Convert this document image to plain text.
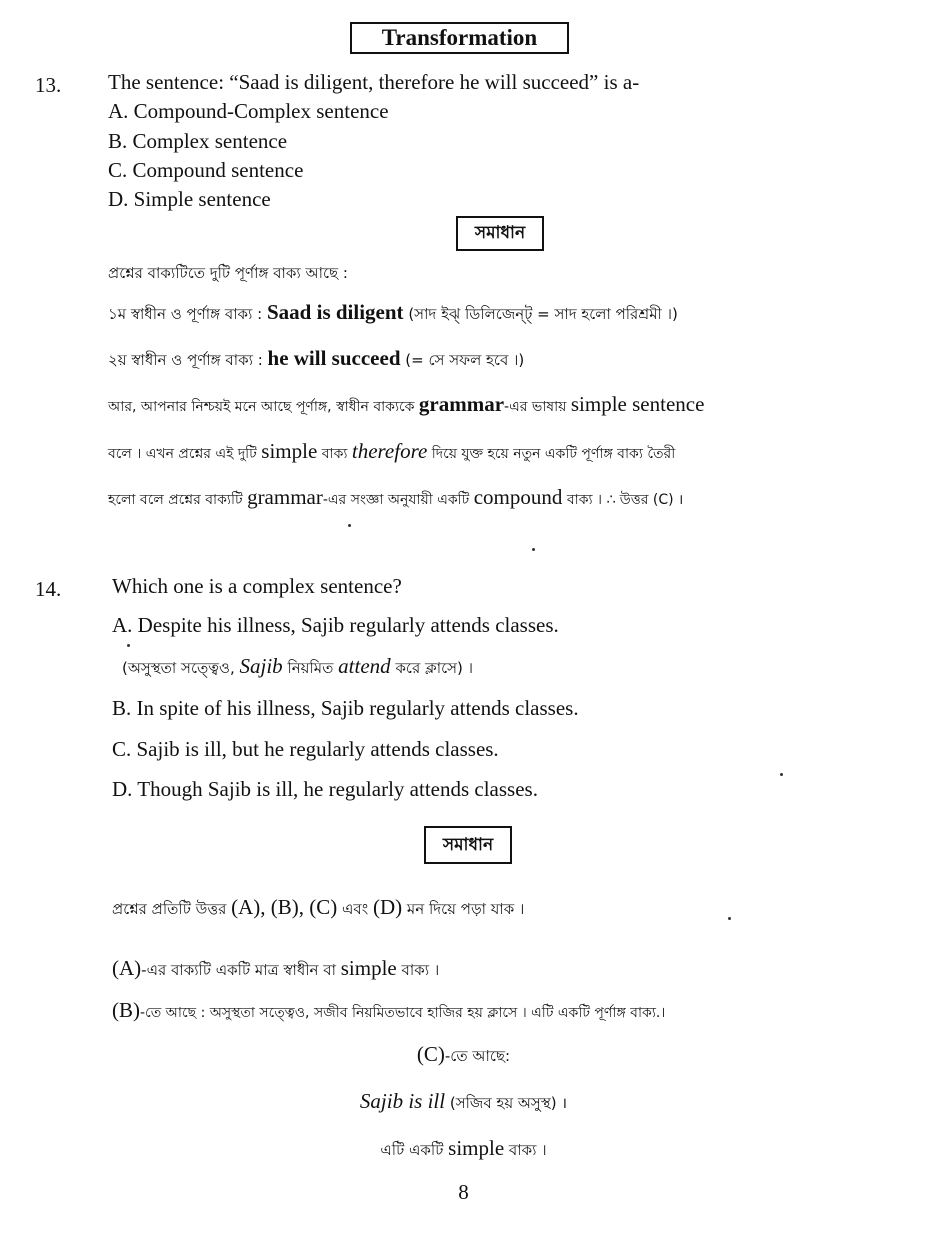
Transformation
13. The sentence: “Saad is diligent, therefore he will succeed” is a-
A. Compound-Complex sentence
B. Complex sentence
C. Compound sentence
D. Simple sentence
সমাধান
প্রশ্নের বাক্যটিতে দুটি পূর্ণাঙ্গ বাক্য আছে :
১ম স্বাধীন ও পূর্ণাঙ্গ বাক্য : Saad is diligent (সাদ ইঝ্ ডিলিজেন্ট্ = সাদ হলো পরিশ্রমী ।)
২য় স্বাধীন ও পূর্ণাঙ্গ বাক্য : he will succeed (= সে সফল হবে ।)
আর, আপনার নিশ্চয়ই মনে আছে পূর্ণাঙ্গ, স্বাধীন বাক্যকে grammar-এর ভাষায় simple sentence
বলে । এখন প্রশ্নের এই দুটি simple বাক্য therefore দিয়ে যুক্ত হয়ে নতুন একটি পূর্ণাঙ্গ বাক্য তৈরী
হলো বলে প্রশ্নের বাক্যটি grammar-এর সংজ্ঞা অনুযায়ী একটি compound বাক্য । ∴ উত্তর (C) ।
14. Which one is a complex sentence?
A. Despite his illness, Sajib regularly attends classes.
(অসুস্থতা সত্ত্বেও, Sajib নিয়মিত attend করে ক্লাসে) ।
B. In spite of his illness, Sajib regularly attends classes.
C. Sajib is ill, but he regularly attends classes.
D. Though Sajib is ill, he regularly attends classes.
সমাধান
প্রশ্নের প্রতিটি উত্তর (A), (B), (C) এবং (D) মন দিয়ে পড়া যাক ।
(A)-এর বাক্যটি একটি মাত্র স্বাধীন বা simple বাক্য ।
(B)-তে আছে : অসুস্থতা সত্ত্বেও, সজীব নিয়মিতভাবে হাজির হয় ক্লাসে । এটি একটি পূর্ণাঙ্গ বাক্য.।
(C)-তে আছে:
Sajib is ill (সজিব হয় অসুস্থ) ।
এটি একটি simple বাক্য ।
8
